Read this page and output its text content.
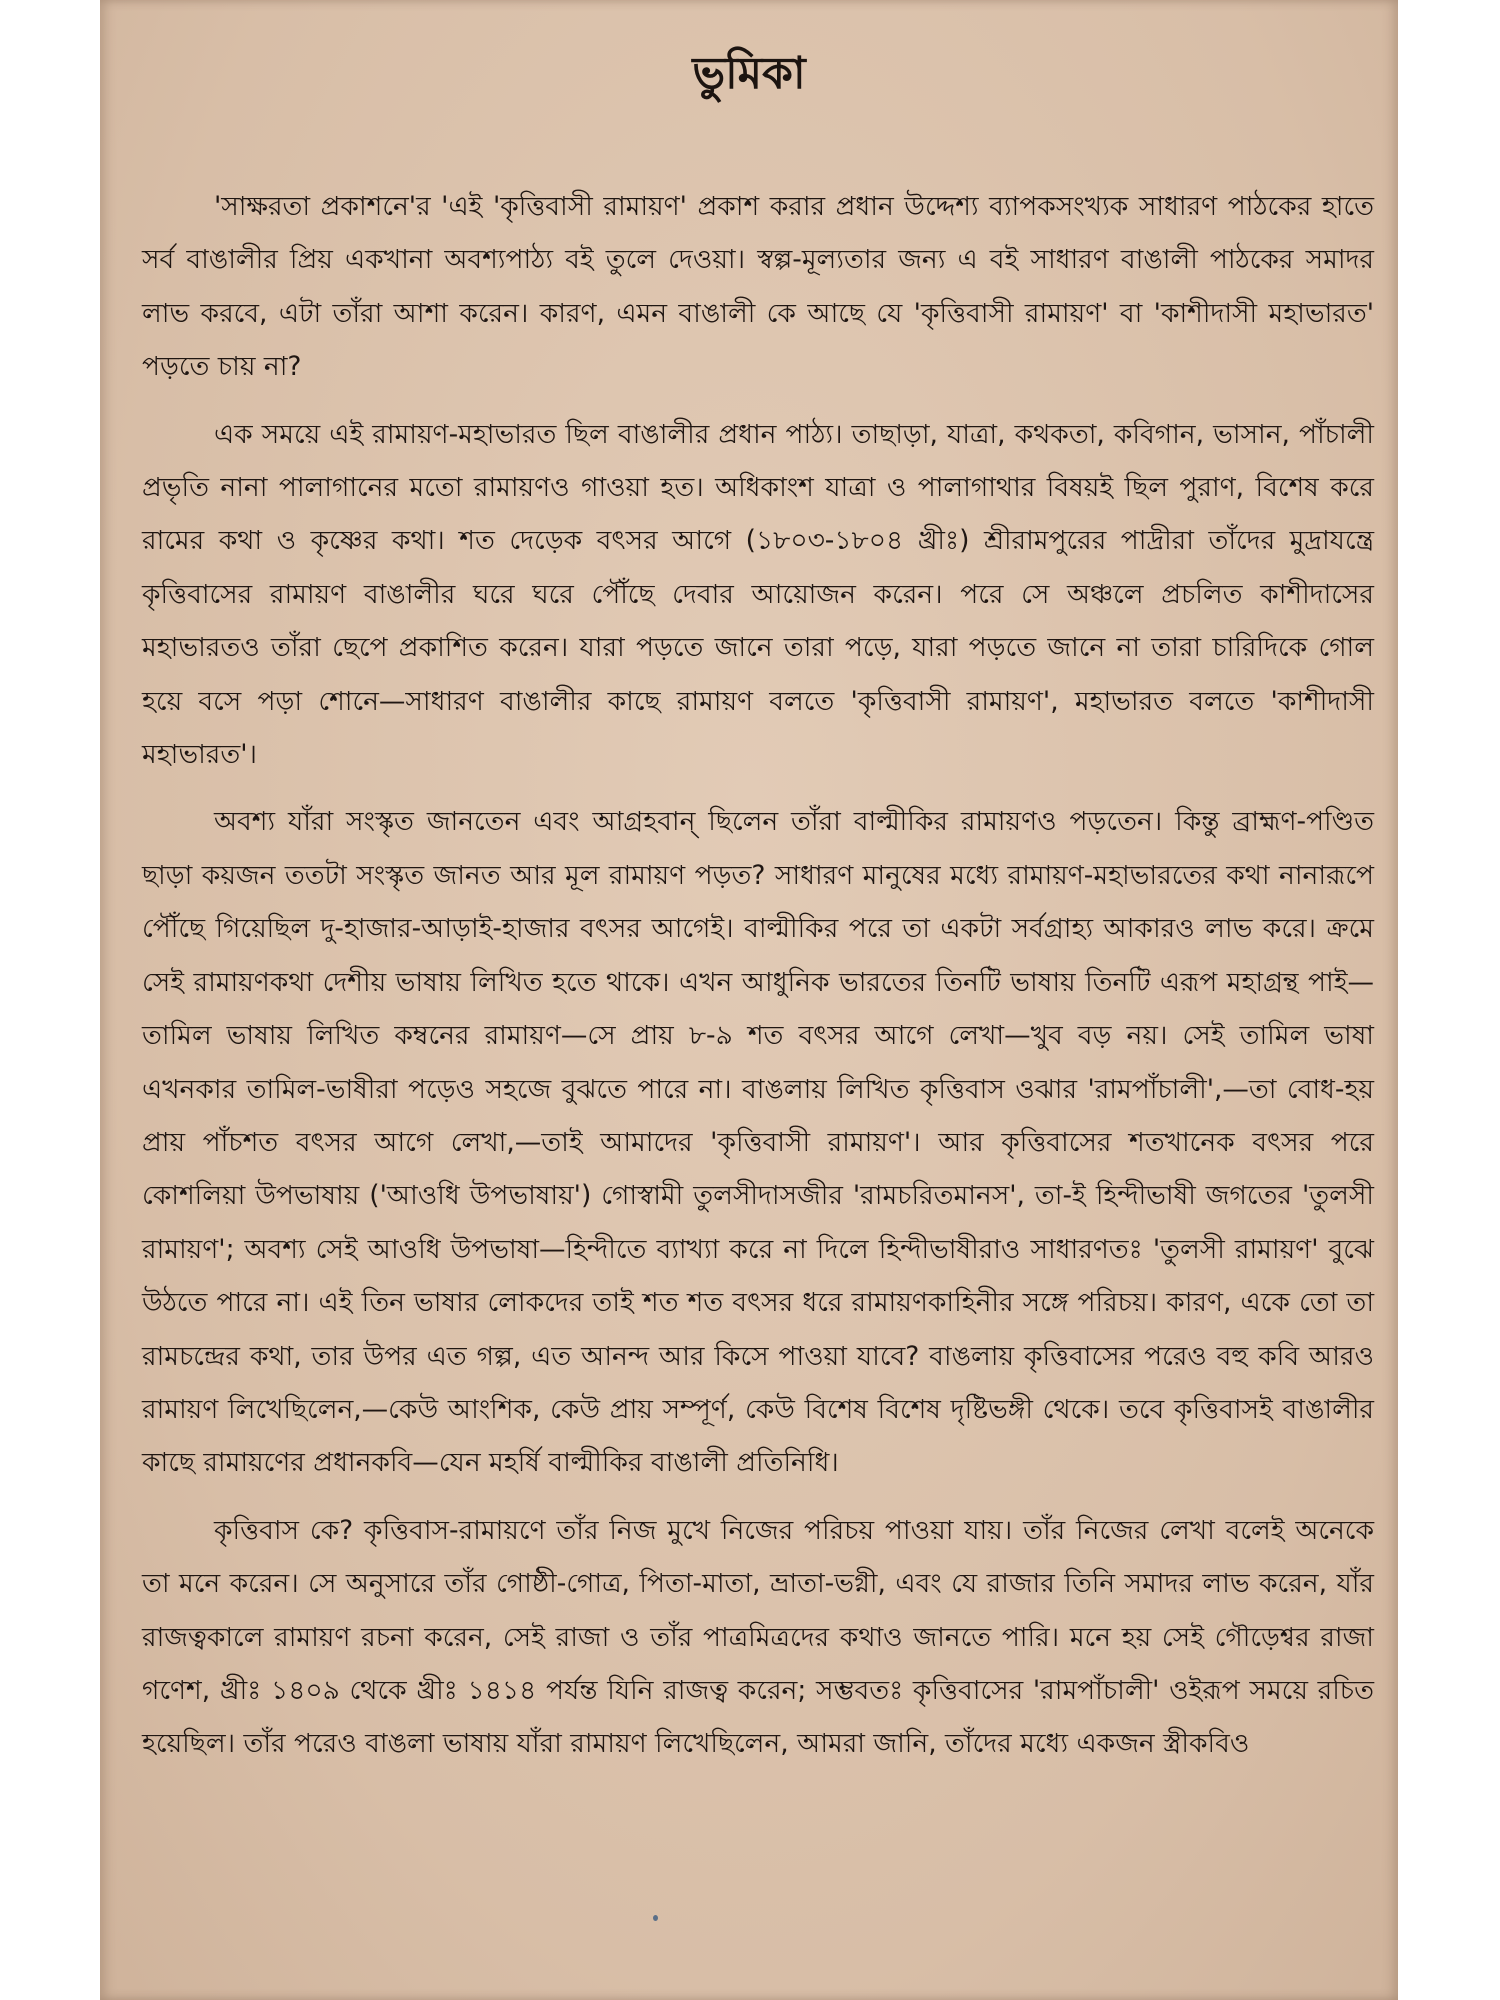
ভুমিকা

'সাক্ষরতা প্রকাশনে'র 'এই 'কৃত্তিবাসী রামায়ণ' প্রকাশ করার প্রধান উদ্দেশ্য ব্যাপকসংখ্যক সাধারণ পাঠকের হাতে সর্ব বাঙালীর প্রিয় একখানা অবশ্যপাঠ্য বই তুলে দেওয়া। স্বল্প-মূল্যতার জন্য এ বই সাধারণ বাঙালী পাঠকের সমাদর লাভ করবে, এটা তাঁরা আশা করেন। কারণ, এমন বাঙালী কে আছে যে 'কৃত্তিবাসী রামায়ণ' বা 'কাশীদাসী মহাভারত' পড়তে চায় না?

এক সময়ে এই রামায়ণ-মহাভারত ছিল বাঙালীর প্রধান পাঠ্য। তাছাড়া, যাত্রা, কথকতা, কবিগান, ভাসান, পাঁচালী প্রভৃতি নানা পালাগানের মতো রামায়ণও গাওয়া হত। অধিকাংশ যাত্রা ও পালাগাথার বিষয়ই ছিল পুরাণ, বিশেষ করে রামের কথা ও কৃষ্ণের কথা। শত দেড়েক বৎসর আগে (১৮০৩-১৮০৪ খ্রীঃ) শ্রীরামপুরের পাদ্রীরা তাঁদের মুদ্রাযন্ত্রে কৃত্তিবাসের রামায়ণ বাঙালীর ঘরে ঘরে পৌঁছে দেবার আয়োজন করেন। পরে সে অঞ্চলে প্রচলিত কাশীদাসের মহাভারতও তাঁরা ছেপে প্রকাশিত করেন। যারা পড়তে জানে তারা পড়ে, যারা পড়তে জানে না তারা চারিদিকে গোল হয়ে বসে পড়া শোনে—সাধারণ বাঙালীর কাছে রামায়ণ বলতে 'কৃত্তিবাসী রামায়ণ', মহাভারত বলতে 'কাশীদাসী মহাভারত'।

অবশ্য যাঁরা সংস্কৃত জানতেন এবং আগ্রহবান্ ছিলেন তাঁরা বাল্মীকির রামায়ণও পড়তেন। কিন্তু ব্রাহ্মণ-পণ্ডিত ছাড়া কয়জন ততটা সংস্কৃত জানত আর মূল রামায়ণ পড়ত? সাধারণ মানুষের মধ্যে রামায়ণ-মহাভারতের কথা নানারূপে পৌঁছে গিয়েছিল দু-হাজার-আড়াই-হাজার বৎসর আগেই। বাল্মীকির পরে তা একটা সর্বগ্রাহ্য আকারও লাভ করে। ক্রমে সেই রামায়ণকথা দেশীয় ভাষায় লিখিত হতে থাকে। এখন আধুনিক ভারতের তিনটি ভাষায় তিনটি এরূপ মহাগ্রন্থ পাই—তামিল ভাষায় লিখিত কম্বনের রামায়ণ—সে প্রায় ৮-৯ শত বৎসর আগে লেখা—খুব বড় নয়। সেই তামিল ভাষা এখনকার তামিল-ভাষীরা পড়েও সহজে বুঝতে পারে না। বাঙলায় লিখিত কৃত্তিবাস ওঝার 'রামপাঁচালী',—তা বোধ-হয় প্রায় পাঁচশত বৎসর আগে লেখা,—তাই আমাদের 'কৃত্তিবাসী রামায়ণ'। আর কৃত্তিবাসের শতখানেক বৎসর পরে কোশলিয়া উপভাষায় ('আওধি উপভাষায়') গোস্বামী তুলসীদাসজীর 'রামচরিতমানস', তা-ই হিন্দীভাষী জগতের 'তুলসী রামায়ণ'; অবশ্য সেই আওধি উপভাষা—হিন্দীতে ব্যাখ্যা করে না দিলে হিন্দীভাষীরাও সাধারণতঃ 'তুলসী রামায়ণ' বুঝে উঠতে পারে না। এই তিন ভাষার লোকদের তাই শত শত বৎসর ধরে রামায়ণকাহিনীর সঙ্গে পরিচয়। কারণ, একে তো তা রামচন্দ্রের কথা, তার উপর এত গল্প, এত আনন্দ আর কিসে পাওয়া যাবে? বাঙলায় কৃত্তিবাসের পরেও বহু কবি আরও রামায়ণ লিখেছিলেন,—কেউ আংশিক, কেউ প্রায় সম্পূর্ণ, কেউ বিশেষ বিশেষ দৃষ্টিভঙ্গী থেকে। তবে কৃত্তিবাসই বাঙালীর কাছে রামায়ণের প্রধানকবি—যেন মহর্ষি বাল্মীকির বাঙালী প্রতিনিধি।

কৃত্তিবাস কে? কৃত্তিবাস-রামায়ণে তাঁর নিজ মুখে নিজের পরিচয় পাওয়া যায়। তাঁর নিজের লেখা বলেই অনেকে তা মনে করেন। সে অনুসারে তাঁর গোষ্ঠী-গোত্র, পিতা-মাতা, ভ্রাতা-ভগ্নী, এবং যে রাজার তিনি সমাদর লাভ করেন, যাঁর রাজত্বকালে রামায়ণ রচনা করেন, সেই রাজা ও তাঁর পাত্রমিত্রদের কথাও জানতে পারি। মনে হয় সেই গৌড়েশ্বর রাজা গণেশ, খ্রীঃ ১৪০৯ থেকে খ্রীঃ ১৪১৪ পর্যন্ত যিনি রাজত্ব করেন; সম্ভবতঃ কৃত্তিবাসের 'রামপাঁচালী' ওইরূপ সময়ে রচিত হয়েছিল। তাঁর পরেও বাঙলা ভাষায় যাঁরা রামায়ণ লিখেছিলেন, আমরা জানি, তাঁদের মধ্যে একজন স্ত্রীকবিও
